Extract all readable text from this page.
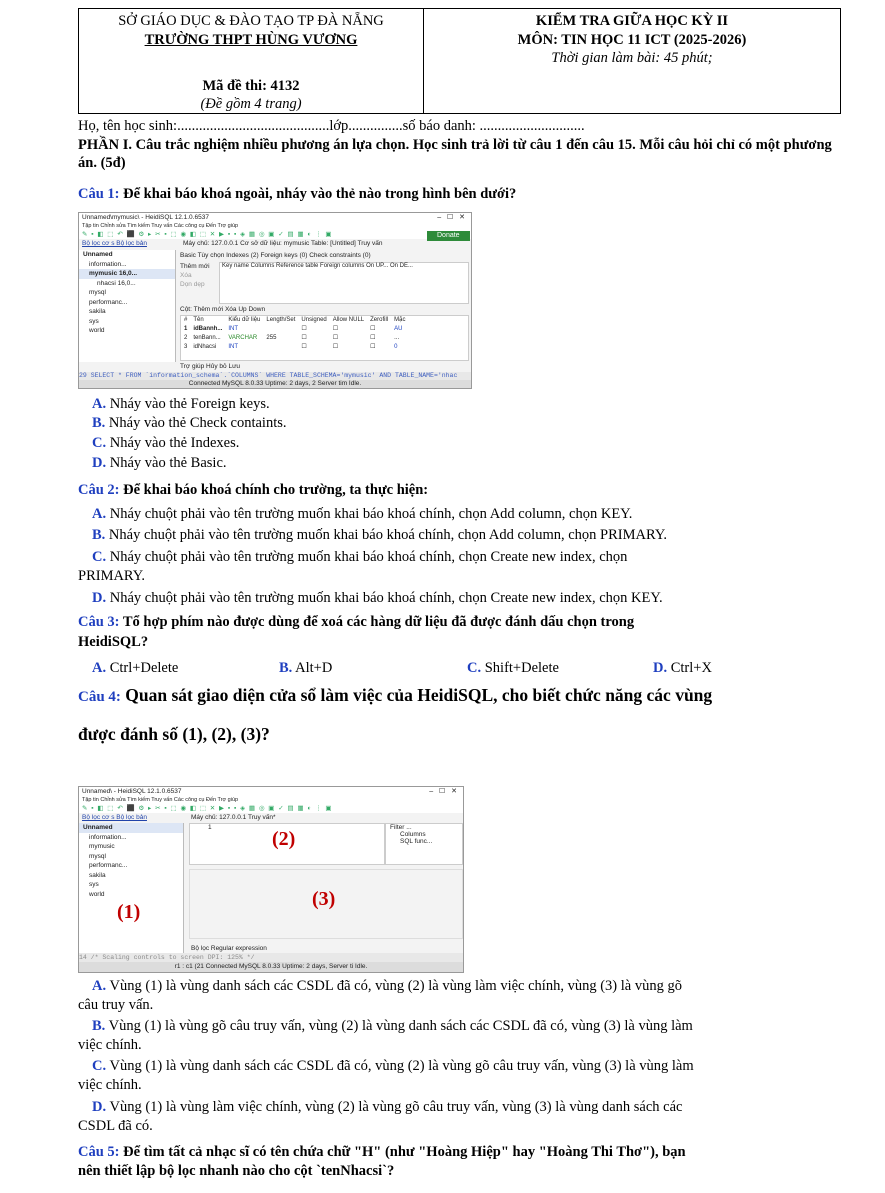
SỞ GIÁO DỤC & ĐÀO TẠO TP ĐÀ NẴNG
TRƯỜNG THPT HÙNG VƯƠNG
Mã đề thi: 4132
(Đề gồm 4 trang)
KIỂM TRA GIỮA HỌC KỲ II
MÔN: TIN HỌC 11 ICT (2025-2026)
Thời gian làm bài: 45 phút;
Họ, tên học sinh:..........................................lớp...............số báo danh: .............................
PHẦN I. Câu trắc nghiệm nhiều phương án lựa chọn. Học sinh trả lời từ câu 1 đến câu 15. Mỗi câu hỏi chỉ có một phương án. (5đ)
Câu 1: Để khai báo khoá ngoài, nháy vào thẻ nào trong hình bên dưới?
Unnamed\mymusic\ - HeidiSQL 12.1.0.6537	–   ☐   ✕
Tập tin Chỉnh sửa Tìm kiếm Truy vấn Các công cụ Đến Trợ giúp
✎ ▪ ◧ ⬚ ↶ ⬛ ⚙ ▸ ✂ ▪ ⬚ ◉ ◧ ⬚ ✕ ▶ ▪ ▪ ◈ ▦ ◎ ▣ ✓ ▤ ▦ ◐ ⋮ ▣	Donate
Bộ lọc cơ s Bộ lọc bản	Máy chủ: 127.0.0.1 Cơ sở dữ liệu: mymusic Table: [Untitled] Truy vấn
Unnamed
information...
mymusic 16,0...
nhacsi 16,0...
mysql
performanc...
sakila
sys
world
Basic Tùy chọn Indexes (2) Foreign keys (0) Check constraints (0)
Thêm mới
Xóa
Dọn dẹp
Key name Columns Reference table Foreign columns On UP... On DE...
Cột: Thêm mới Xóa Up Down
#	Tên	Kiểu dữ liệu	Length/Set	Unsigned	Allow NULL	Zerofill	Mặc
1	idBannh...	INT		☐	☐	☐	AU
2	tenBann...	VARCHAR	255	☐	☐	☐	...
3	idNhacsi	INT		☐	☐	☐	0
Trợ giúp Hủy bỏ Lưu
29 SELECT * FROM `information_schema`.`COLUMNS` WHERE TABLE_SCHEMA='mymusic' AND TABLE_NAME='nhac
Connected MySQL 8.0.33 Uptime: 2 days, 2 Server tim Idle.
A. Nháy vào thẻ Foreign keys.
B. Nháy vào thẻ Check containts.
C. Nháy vào thẻ Indexes.
D. Nháy vào thẻ Basic.
Câu 2: Để khai báo khoá chính cho trường, ta thực hiện:
A. Nháy chuột phải vào tên trường muốn khai báo khoá chính, chọn Add column, chọn KEY.
B. Nháy chuột phải vào tên trường muốn khai báo khoá chính, chọn Add column, chọn PRIMARY.
C. Nháy chuột phải vào tên trường muốn khai báo khoá chính, chọn Create new index, chọn
PRIMARY.
D. Nháy chuột phải vào tên trường muốn khai báo khoá chính, chọn Create new index, chọn KEY.
Câu 3: Tổ hợp phím nào được dùng để xoá các hàng dữ liệu đã được đánh dấu chọn trong
HeidiSQL?
A. Ctrl+Delete	B. Alt+D	C. Shift+Delete	D. Ctrl+X
Câu 4: Quan sát giao diện cửa sổ làm việc của HeidiSQL, cho biết chức năng các vùng
được đánh số (1), (2), (3)?
Unnamed\ - HeidiSQL 12.1.0.6537	–   ☐   ✕
Tập tin Chỉnh sửa Tìm kiếm Truy vấn Các công cụ Đến Trợ giúp
✎ ▪ ◧ ⬚ ↶ ⬛ ⚙ ▸ ✂ ▪ ⬚ ◉ ◧ ⬚ ✕ ▶ ▪ ▪ ◈ ▦ ◎ ▣ ✓ ▤ ▦ ◐ ⋮ ▣
Bộ lọc cơ s Bộ lọc bản	Máy chủ: 127.0.0.1 Truy vấn*
Unnamed
information...
mymusic
mysql
performanc...
sakila
sys
world
(1)
1
(2)
Filter ...
Columns
SQL func...
(3)
Bộ lọc Regular expression
14 /* Scaling controls to screen DPI: 125% */
r1 : c1 (21 Connected MySQL 8.0.33 Uptime: 2 days, Server ti Idle.
A. Vùng (1) là vùng danh sách các CSDL đã có, vùng (2) là vùng làm việc chính, vùng (3) là vùng gõ
câu truy vấn.
B. Vùng (1) là vùng gõ câu truy vấn, vùng (2) là vùng danh sách các CSDL đã có, vùng (3) là vùng làm
việc chính.
C. Vùng (1) là vùng danh sách các CSDL đã có, vùng (2) là vùng gõ câu truy vấn, vùng (3) là vùng làm
việc chính.
D. Vùng (1) là vùng làm việc chính, vùng (2) là vùng gõ câu truy vấn, vùng (3) là vùng danh sách các
CSDL đã có.
Câu 5: Để tìm tất cả nhạc sĩ có tên chứa chữ "H" (như "Hoàng Hiệp" hay "Hoàng Thi Thơ"), bạn
nên thiết lập bộ lọc nhanh nào cho cột `tenNhacsi`?
